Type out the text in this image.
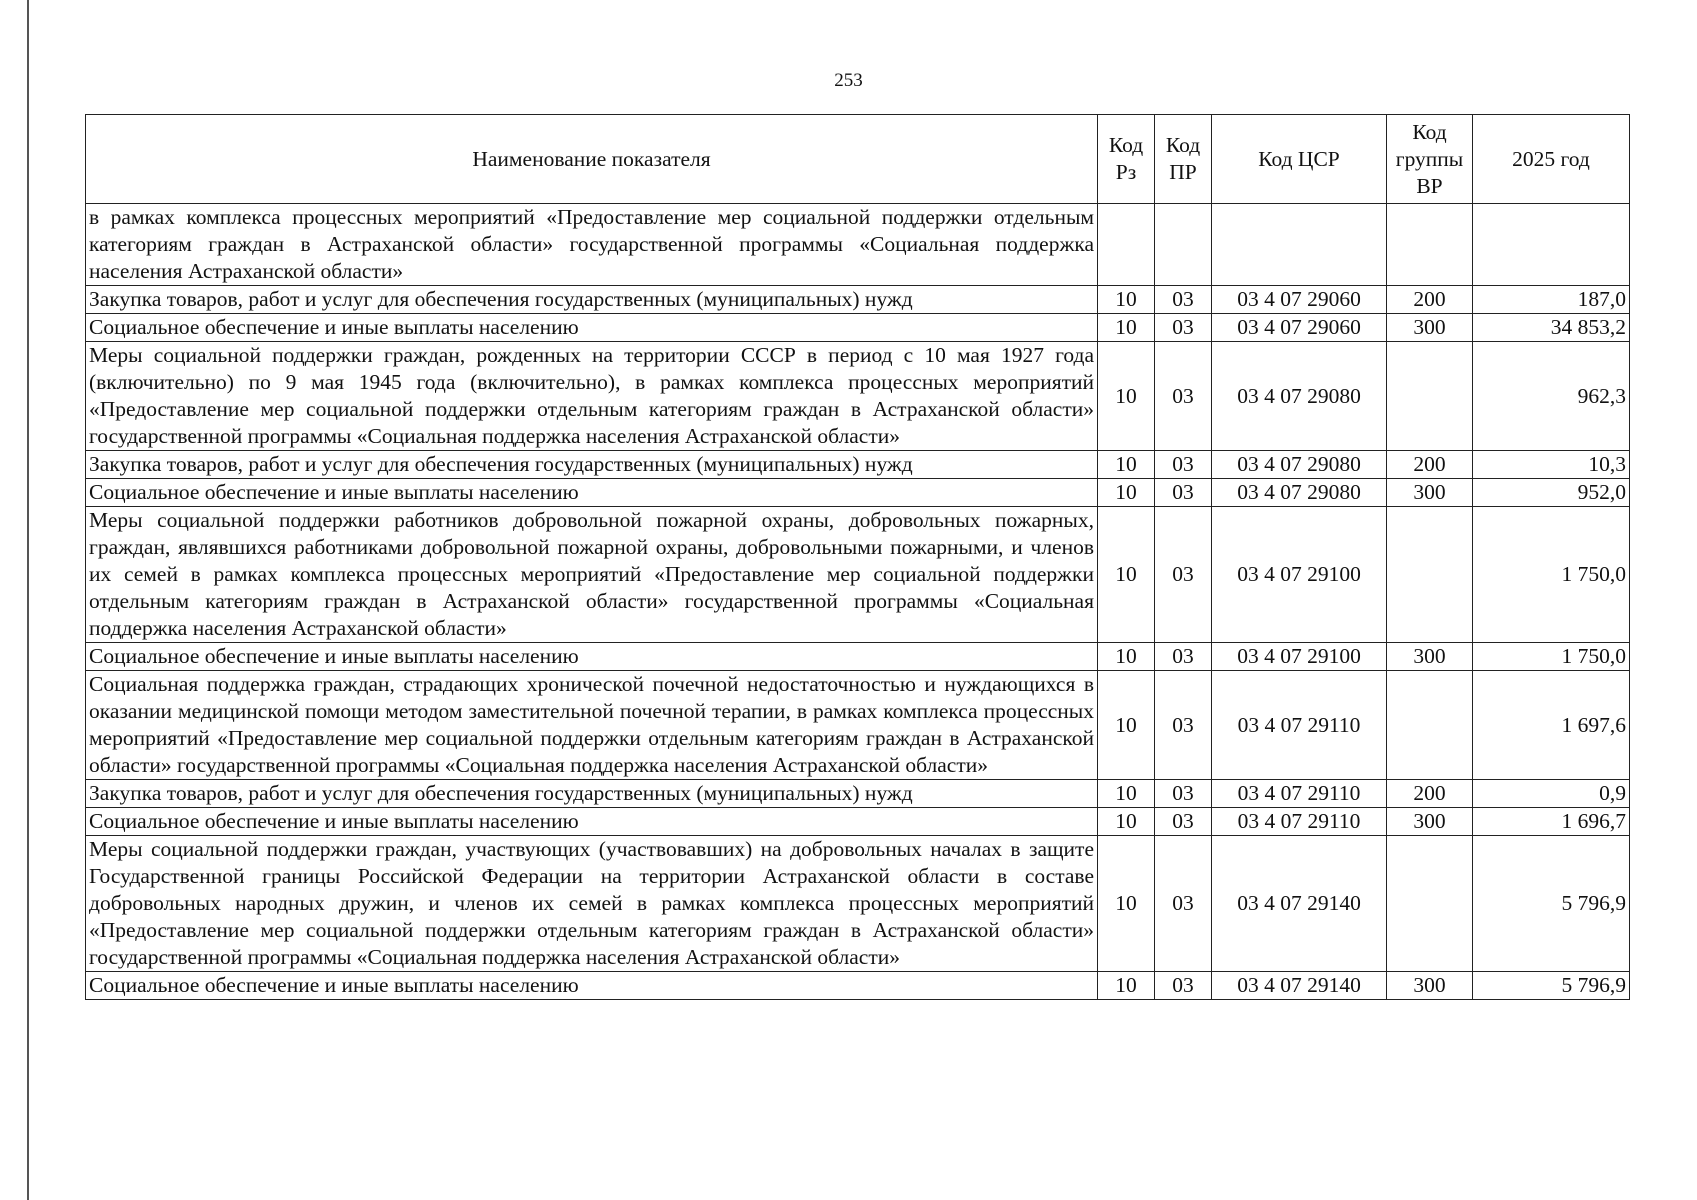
253
Наименование показателя	Код Рз	Код ПР	Код ЦСР	Код группы ВР	2025 год
в рамках комплекса процессных мероприятий «Предоставление мер социальной поддержки отдельным категориям граждан в Астраханской области» государственной программы «Социальная поддержка населения Астраханской области»					
Закупка товаров, работ и услуг для обеспечения государственных (муниципальных) нужд	10	03	03 4 07 29060	200	187,0
Социальное обеспечение и иные выплаты населению	10	03	03 4 07 29060	300	34 853,2
Меры социальной поддержки граждан, рожденных на территории СССР в период с 10 мая 1927 года (включительно) по 9 мая 1945 года (включительно), в рамках комплекса процессных мероприятий «Предоставление мер социальной поддержки отдельным категориям граждан в Астраханской области» государственной программы «Социальная поддержка населения Астраханской области»	10	03	03 4 07 29080		962,3
Закупка товаров, работ и услуг для обеспечения государственных (муниципальных) нужд	10	03	03 4 07 29080	200	10,3
Социальное обеспечение и иные выплаты населению	10	03	03 4 07 29080	300	952,0
Меры социальной поддержки работников добровольной пожарной охраны, добровольных пожарных, граждан, являвшихся работниками добровольной пожарной охраны, добровольными пожарными, и членов их семей в рамках комплекса процессных мероприятий «Предоставление мер социальной поддержки отдельным категориям граждан в Астраханской области» государственной программы «Социальная поддержка населения Астраханской области»	10	03	03 4 07 29100		1 750,0
Социальное обеспечение и иные выплаты населению	10	03	03 4 07 29100	300	1 750,0
Социальная поддержка граждан, страдающих хронической почечной недостаточностью и нуждающихся в оказании медицинской помощи методом заместительной почечной терапии, в рамках комплекса процессных мероприятий «Предоставление мер социальной поддержки отдельным категориям граждан в Астраханской области» государственной программы «Социальная поддержка населения Астраханской области»	10	03	03 4 07 29110		1 697,6
Закупка товаров, работ и услуг для обеспечения государственных (муниципальных) нужд	10	03	03 4 07 29110	200	0,9
Социальное обеспечение и иные выплаты населению	10	03	03 4 07 29110	300	1 696,7
Меры социальной поддержки граждан, участвующих (участвовавших) на добровольных началах в защите Государственной границы Российской Федерации на территории Астраханской области в составе добровольных народных дружин, и членов их семей в рамках комплекса процессных мероприятий «Предоставление мер социальной поддержки отдельным категориям граждан в Астраханской области» государственной программы «Социальная поддержка населения Астраханской области»	10	03	03 4 07 29140		5 796,9
Социальное обеспечение и иные выплаты населению	10	03	03 4 07 29140	300	5 796,9
